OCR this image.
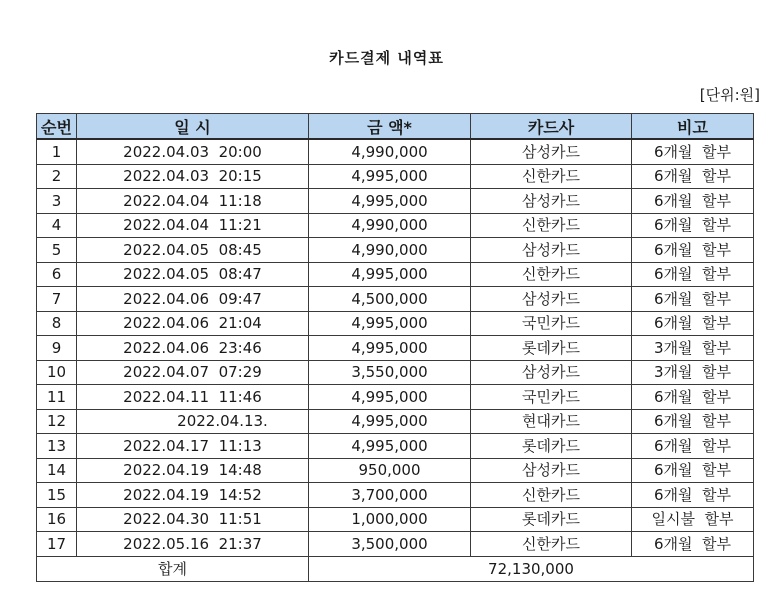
카드결제 내역표
[단위:원]
순번	일 시	금 액*	카드사	비고
1	2022.04.03  20:00	4,990,000	삼성카드	6개월  할부
2	2022.04.03  20:15	4,995,000	신한카드	6개월  할부
3	2022.04.04  11:18	4,995,000	삼성카드	6개월  할부
4	2022.04.04  11:21	4,990,000	신한카드	6개월  할부
5	2022.04.05  08:45	4,990,000	삼성카드	6개월  할부
6	2022.04.05  08:47	4,995,000	신한카드	6개월  할부
7	2022.04.06  09:47	4,500,000	삼성카드	6개월  할부
8	2022.04.06  21:04	4,995,000	국민카드	6개월  할부
9	2022.04.06  23:46	4,995,000	롯데카드	3개월  할부
10	2022.04.07  07:29	3,550,000	삼성카드	3개월  할부
11	2022.04.11  11:46	4,995,000	국민카드	6개월  할부
12	2022.04.13.	4,995,000	현대카드	6개월  할부
13	2022.04.17  11:13	4,995,000	롯데카드	6개월  할부
14	2022.04.19  14:48	950,000	삼성카드	6개월  할부
15	2022.04.19  14:52	3,700,000	신한카드	6개월  할부
16	2022.04.30  11:51	1,000,000	롯데카드	일시불  할부
17	2022.05.16  21:37	3,500,000	신한카드	6개월  할부
합계		72,130,000		
